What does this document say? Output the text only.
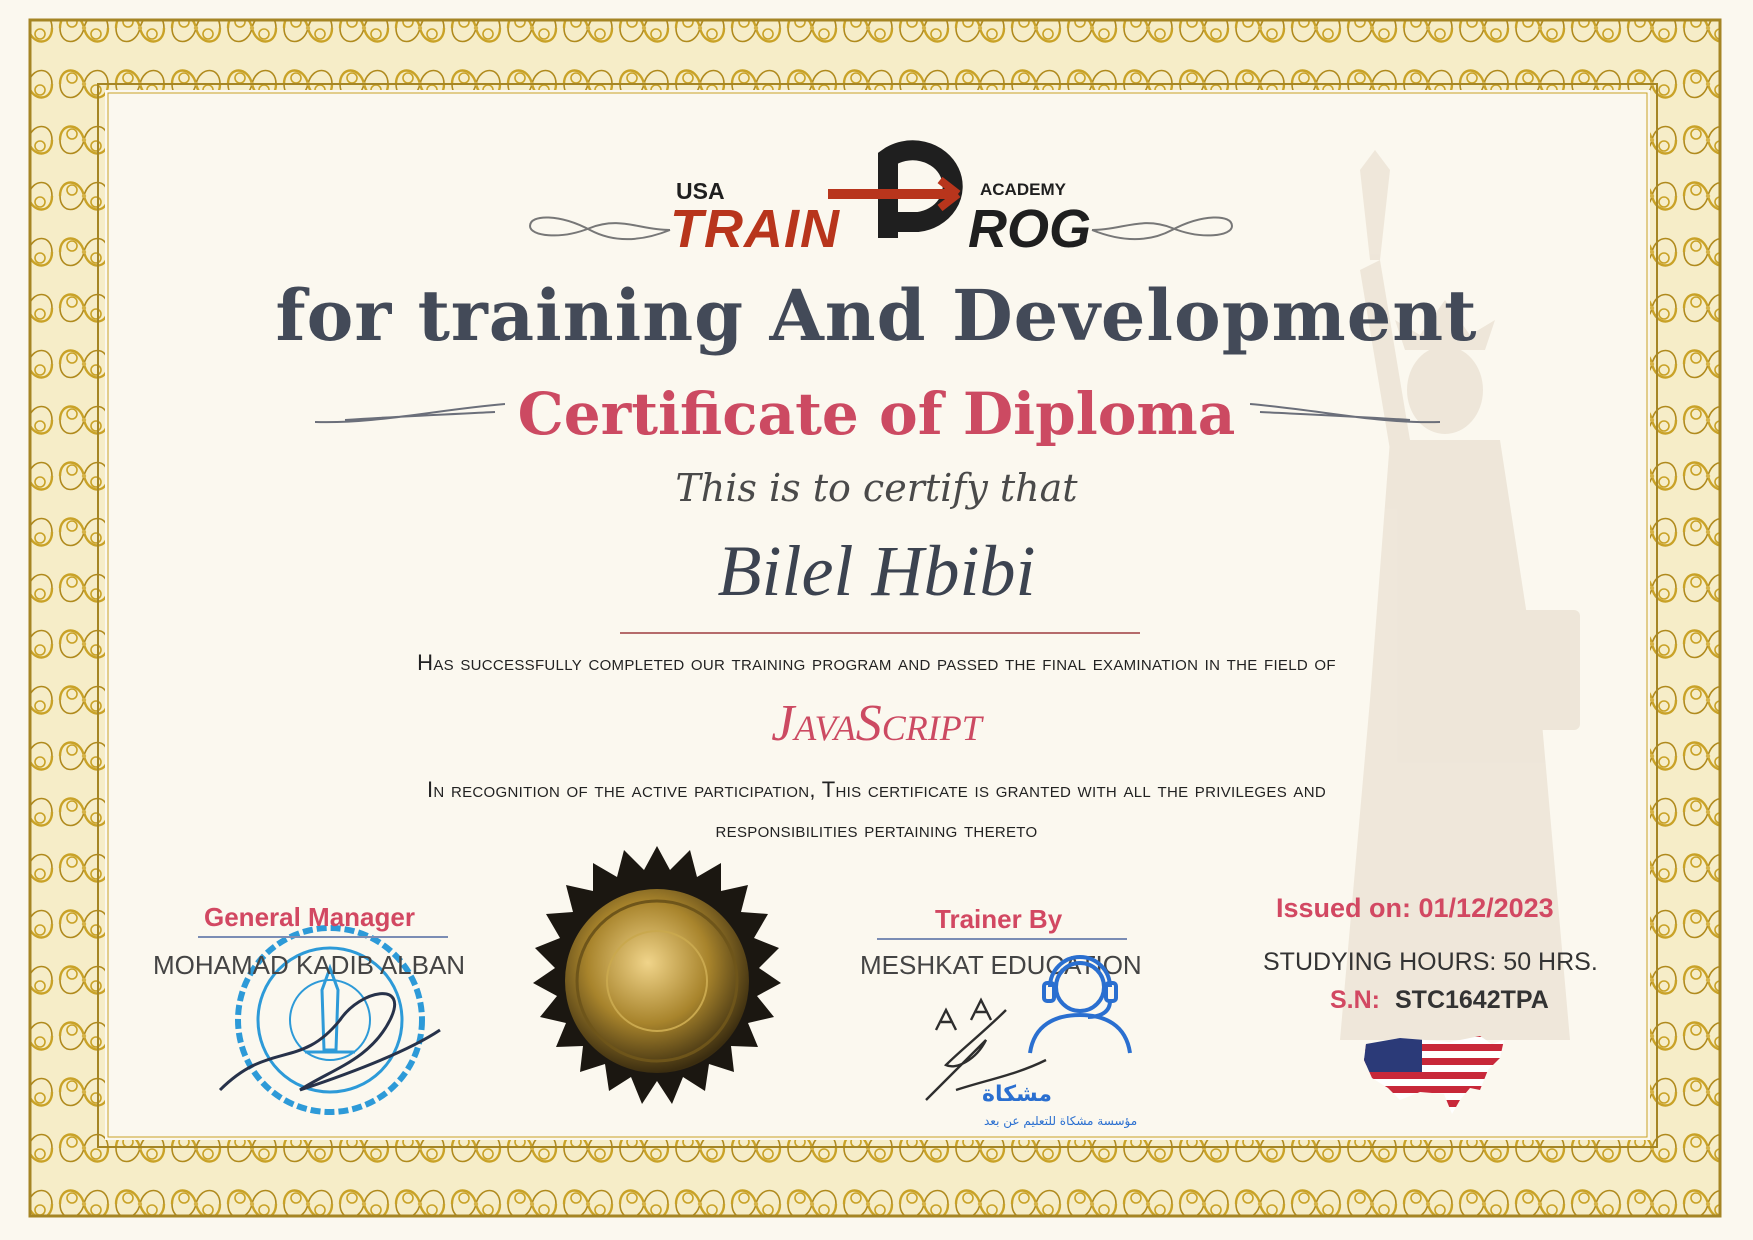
USA
TRAIN ROG
ACADEMY
for training And Development
Certificate of Diploma
This is to certify that
Bilel Hbibi
Has successfully completed our training program and passed the final examination in the field of
JavaScript
In recognition of the active participation, This certificate is granted with all the privileges and
responsibilities pertaining thereto
General Manager
MOHAMAD KADIB ALBAN
Trainer By
MESHKAT EDUCATION
مشكاة
مؤسسة مشكاة للتعليم عن بعد
Issued on: 01/12/2023
STUDYING HOURS: 50 HRS.
S.N: STC1642TPA
